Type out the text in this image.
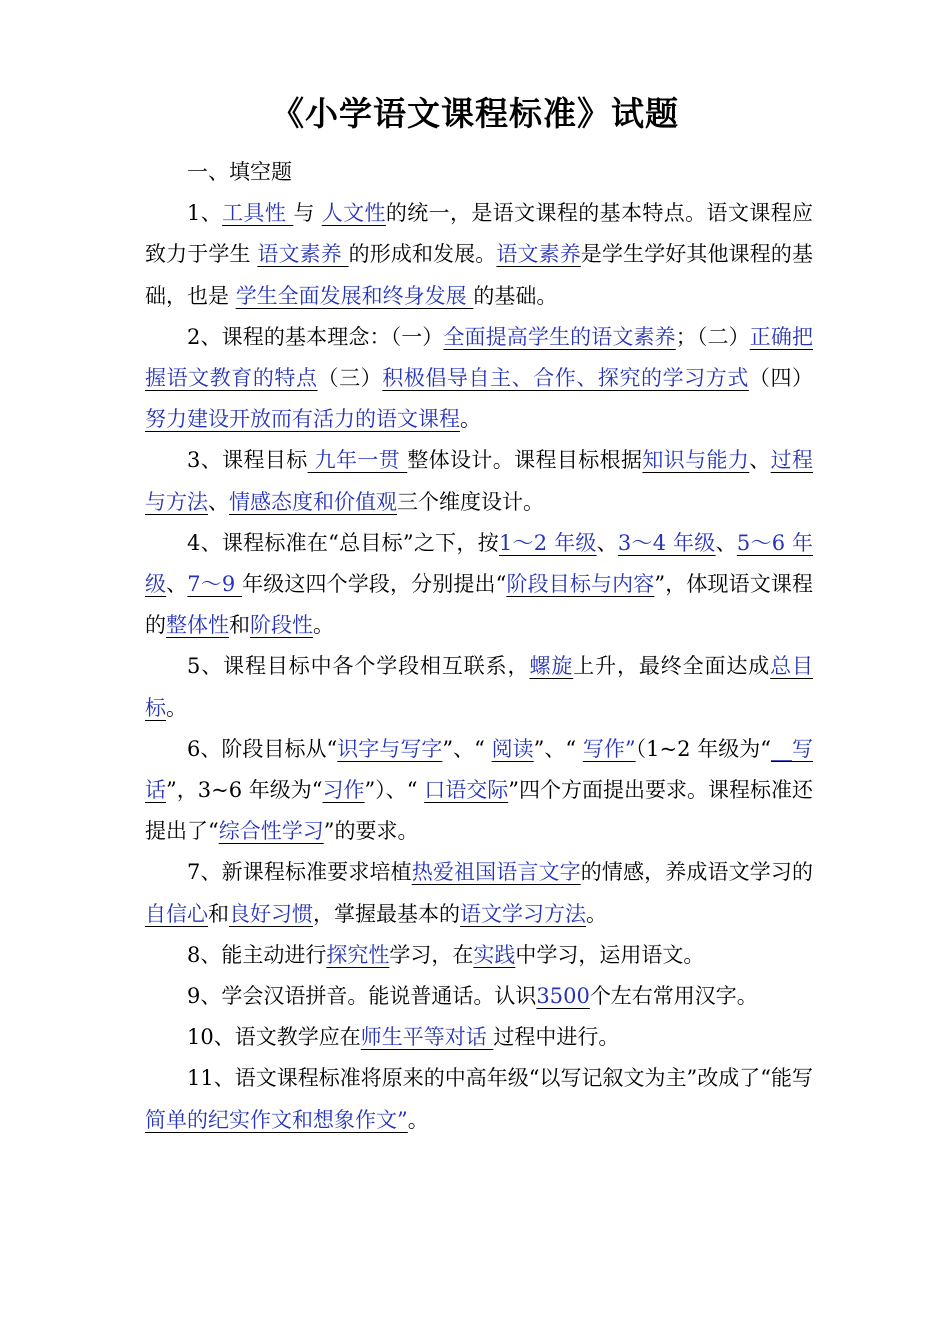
《小学语文课程标准》试题

一、填空题

1、工具性 与 人文性的统一，是语文课程的基本特点。语文课程应致力于学生 语文素养 的形成和发展。语文素养是学生学好其他课程的基础，也是 学生全面发展和终身发展 的基础。

2、课程的基本理念：（一）全面提高学生的语文素养；（二）正确把握语文教育的特点（三）积极倡导自主、合作、探究的学习方式（四）努力建设开放而有活力的语文课程。

3、课程目标 九年一贯 整体设计。课程目标根据知识与能力、过程与方法、情感态度和价值观三个维度设计。

4、课程标准在“总目标”之下，按1～2 年级、3～4 年级、5～6 年级、7～9 年级这四个学段，分别提出“阶段目标与内容”，体现语文课程的整体性和阶段性。

5、课程目标中各个学段相互联系，螺旋上升，最终全面达成总目标。

6、阶段目标从“识字与写字”、“ 阅读”、“ 写作”（1~2 年级为“__写话”，3~6 年级为“习作”）、“ 口语交际”四个方面提出要求。课程标准还提出了“综合性学习”的要求。

7、新课程标准要求培植热爱祖国语言文字的情感，养成语文学习的自信心和良好习惯，掌握最基本的语文学习方法。

8、能主动进行探究性学习，在实践中学习，运用语文。

9、学会汉语拼音。能说普通话。认识3500个左右常用汉字。

10、语文教学应在师生平等对话 过程中进行。

11、语文课程标准将原来的中高年级“以写记叙文为主”改成了“能写简单的纪实作文和想象作文”。
